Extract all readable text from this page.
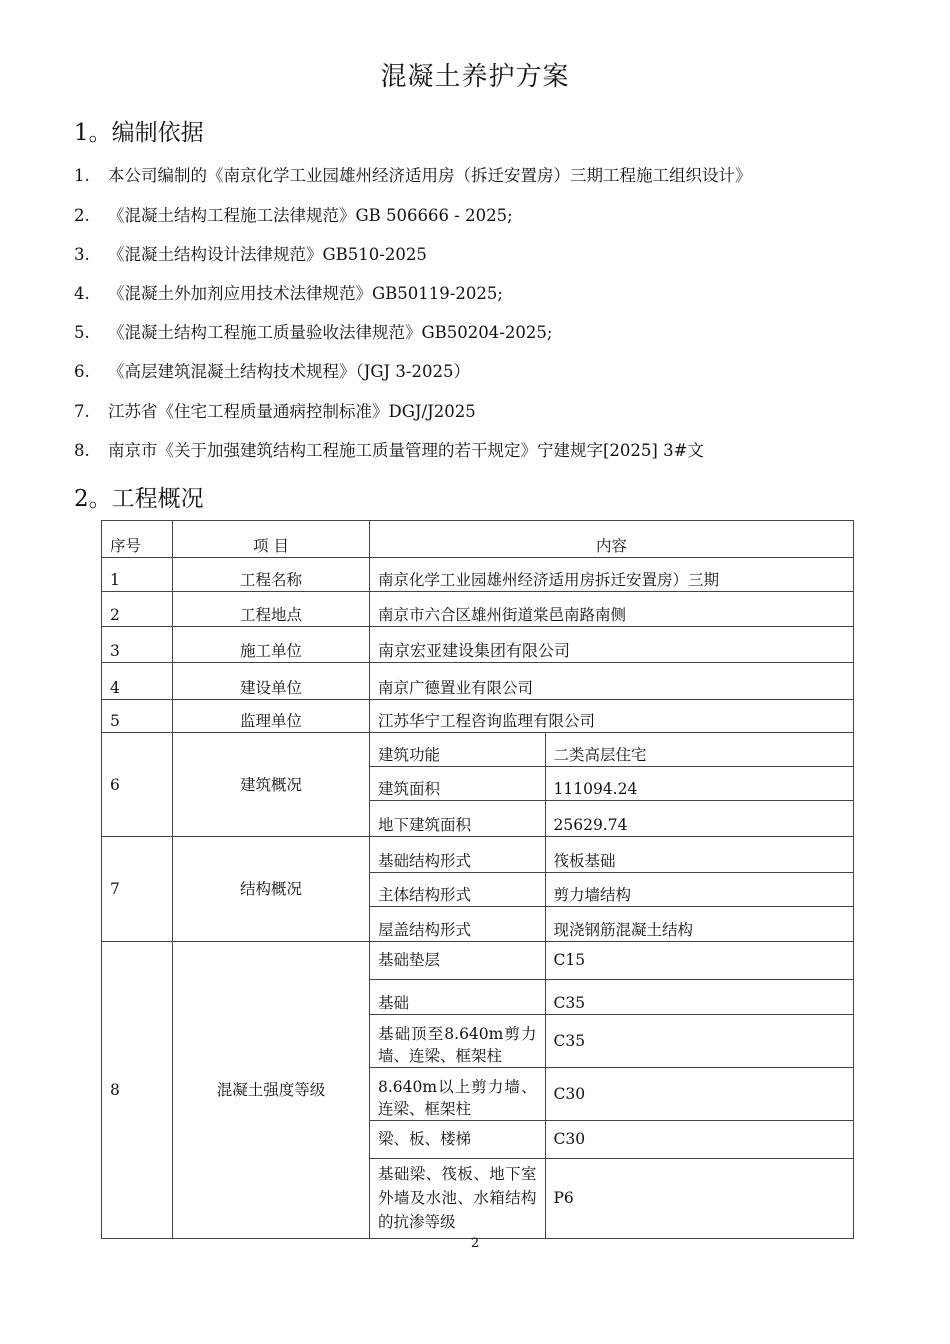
混凝土养护方案
1。编制依据
1. 本公司编制的《南京化学工业园雄州经济适用房（拆迁安置房）三期工程施工组织设计》
2. 《混凝土结构工程施工法律规范》GB 506666 - 2025;
3. 《混凝土结构设计法律规范》GB510-2025
4. 《混凝土外加剂应用技术法律规范》GB50119-2025;
5. 《混凝土结构工程施工质量验收法律规范》GB50204-2025;
6. 《高层建筑混凝土结构技术规程》（JGJ 3-2025）
7. 江苏省《住宅工程质量通病控制标准》DGJ/J2025
8. 南京市《关于加强建筑结构工程施工质量管理的若干规定》宁建规字[2025] 3#文
2。工程概况
序号	项 目	内容
1	工程名称	南京化学工业园雄州经济适用房拆迁安置房）三期
2	工程地点	南京市六合区雄州街道棠邑南路南侧
3	施工单位	南京宏亚建设集团有限公司
4	建设单位	南京广德置业有限公司
5	监理单位	江苏华宁工程咨询监理有限公司
6	建筑概况	
建筑功能	二类高层住宅
建筑面积	111094.24
地下建筑面积	25629.74

7	结构概况	
基础结构形式	筏板基础
主体结构形式	剪力墙结构
屋盖结构形式	现浇钢筋混凝土结构

8	混凝土强度等级	
基础垫层	C15
基础	C35
基础顶至8.640m剪力墙、连梁、框架柱	C35
8.640m以上剪力墙、连梁、框架柱	C30
梁、板、楼梯	C30
基础梁、筏板、地下室外墙及水池、水箱结构的抗渗等级	P6
2
